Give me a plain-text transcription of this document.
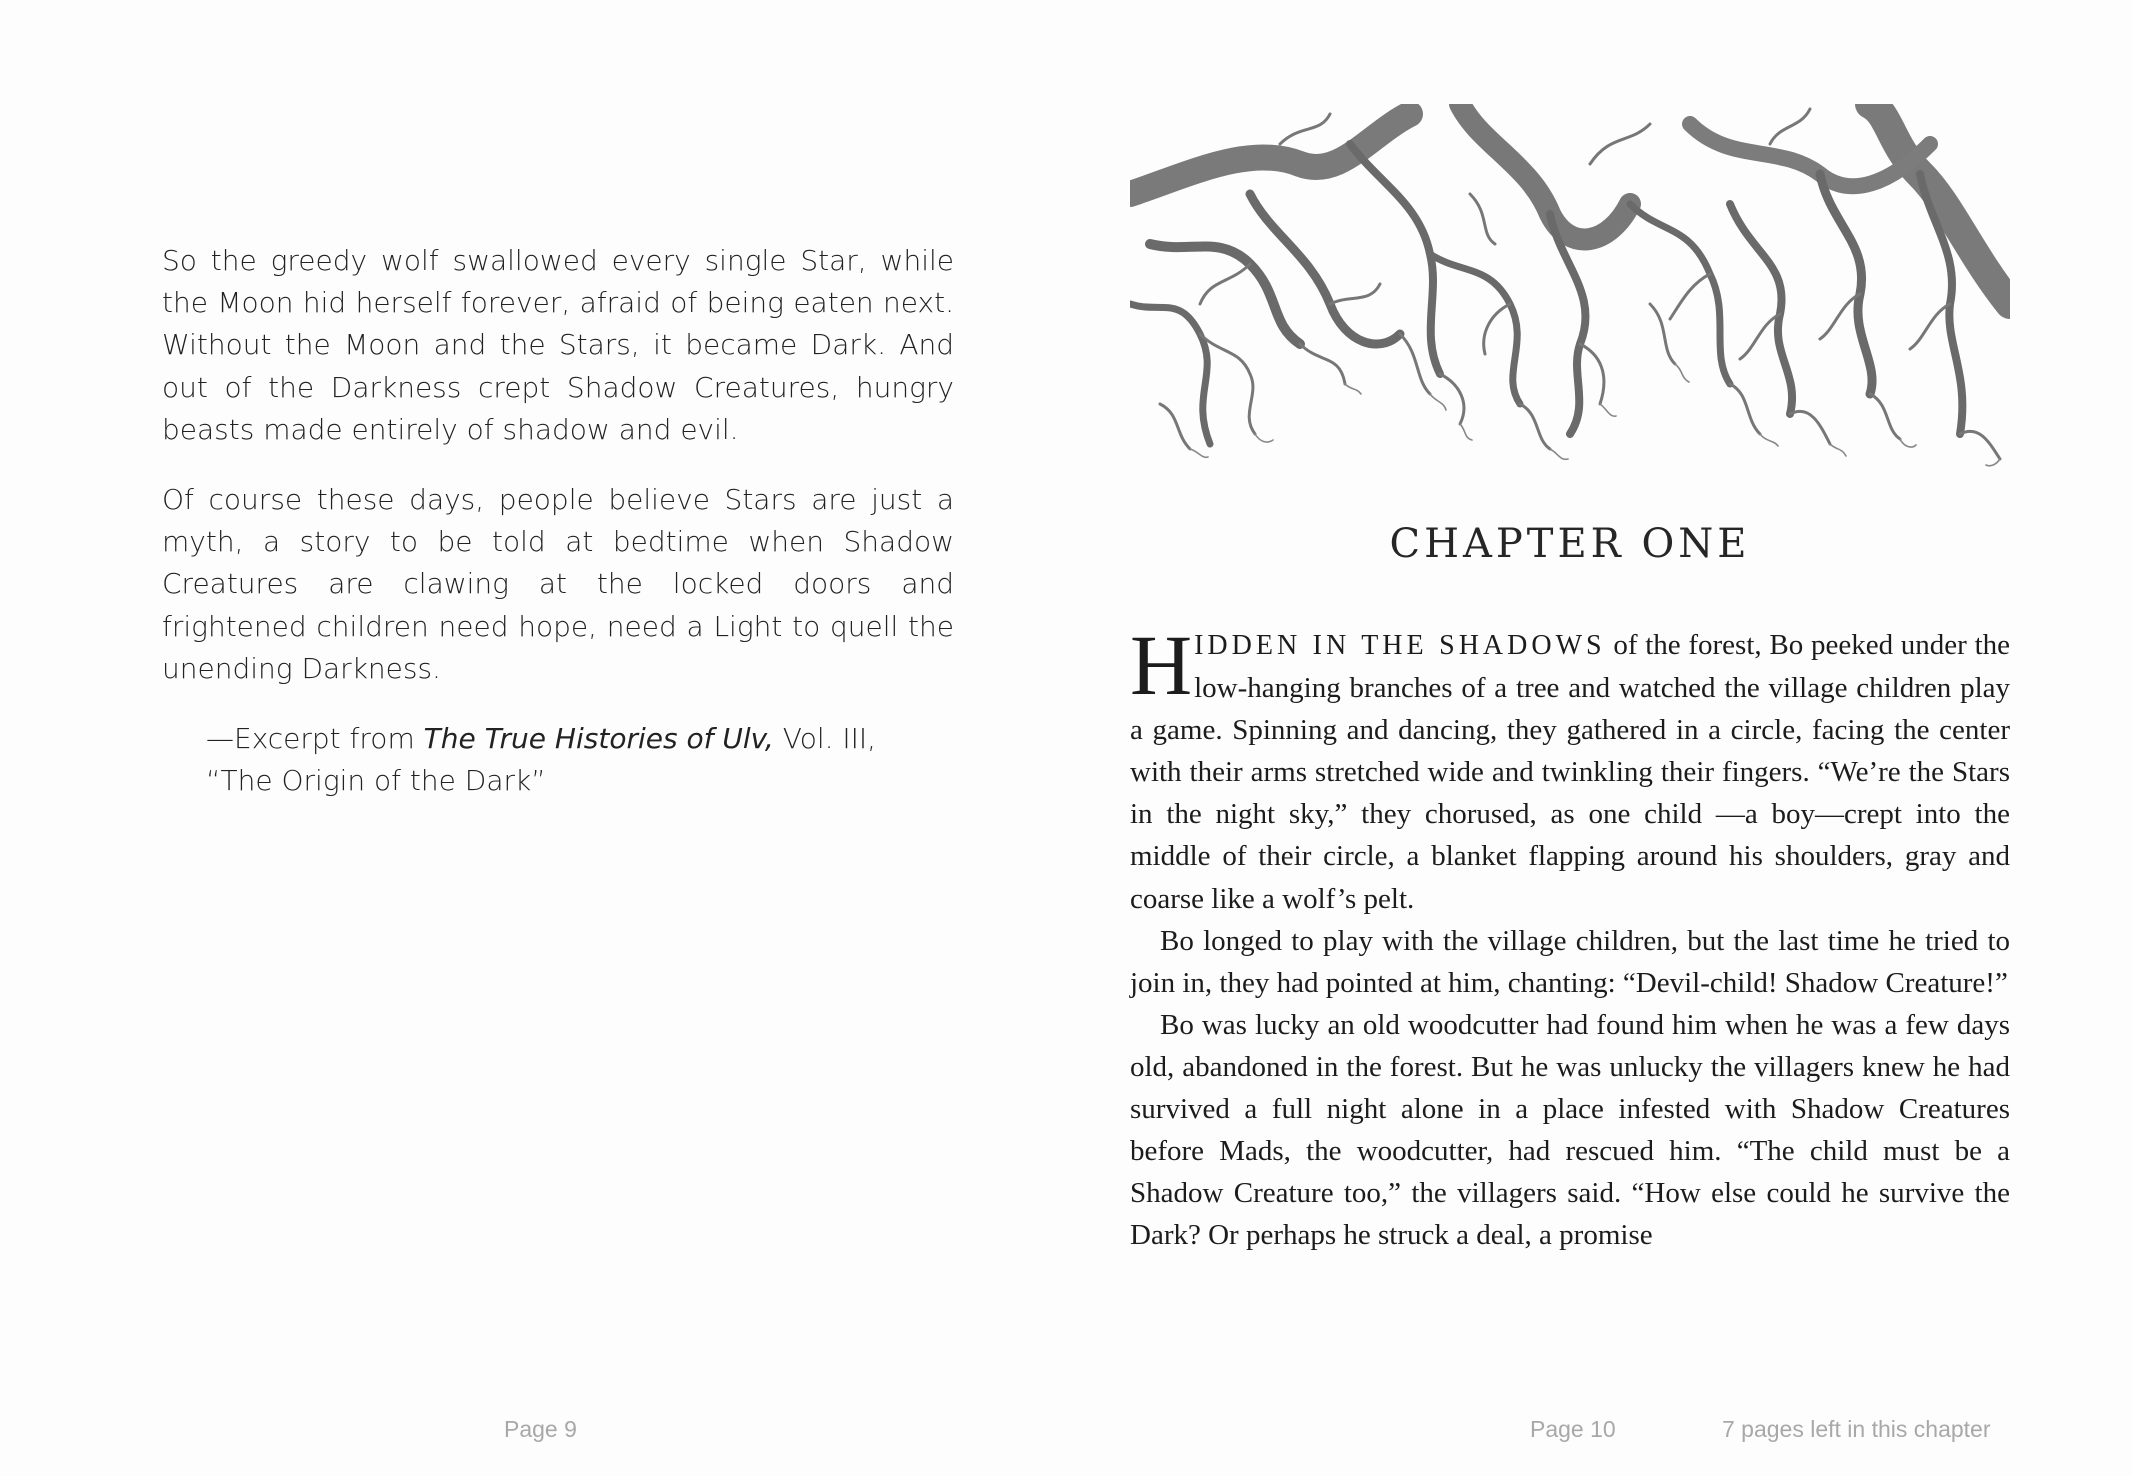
So the greedy wolf swallowed every single Star, while the Moon hid herself forever, afraid of being eaten next. Without the Moon and the Stars, it became Dark. And out of the Darkness crept Shadow Creatures, hungry beasts made entirely of shadow and evil.

Of course these days, people believe Stars are just a myth, a story to be told at bedtime when Shadow Creatures are clawing at the locked doors and frightened children need hope, need a Light to quell the unending Darkness.

—Excerpt from The True Histories of Ulv, Vol. III, “The Origin of the Dark”
CHAPTER ONE

HIDDEN IN THE SHADOWS of the forest, Bo peeked under the low-hanging branches of a tree and watched the village children play a game. Spinning and dancing, they gathered in a circle, facing the center with their arms stretched wide and twinkling their fingers. “We’re the Stars in the night sky,” they chorused, as one child —a boy—crept into the middle of their circle, a blanket flapping around his shoulders, gray and coarse like a wolf’s pelt.

Bo longed to play with the village children, but the last time he tried to join in, they had pointed at him, chanting: “Devil-child! Shadow Creature!”

Bo was lucky an old woodcutter had found him when he was a few days old, abandoned in the forest. But he was unlucky the villagers knew he had survived a full night alone in a place infested with Shadow Creatures before Mads, the woodcutter, had rescued him. “The child must be a Shadow Creature too,” the villagers said. “How else could he survive the Dark? Or perhaps he struck a deal, a promise

Page 9	Page 10	7 pages left in this chapter
